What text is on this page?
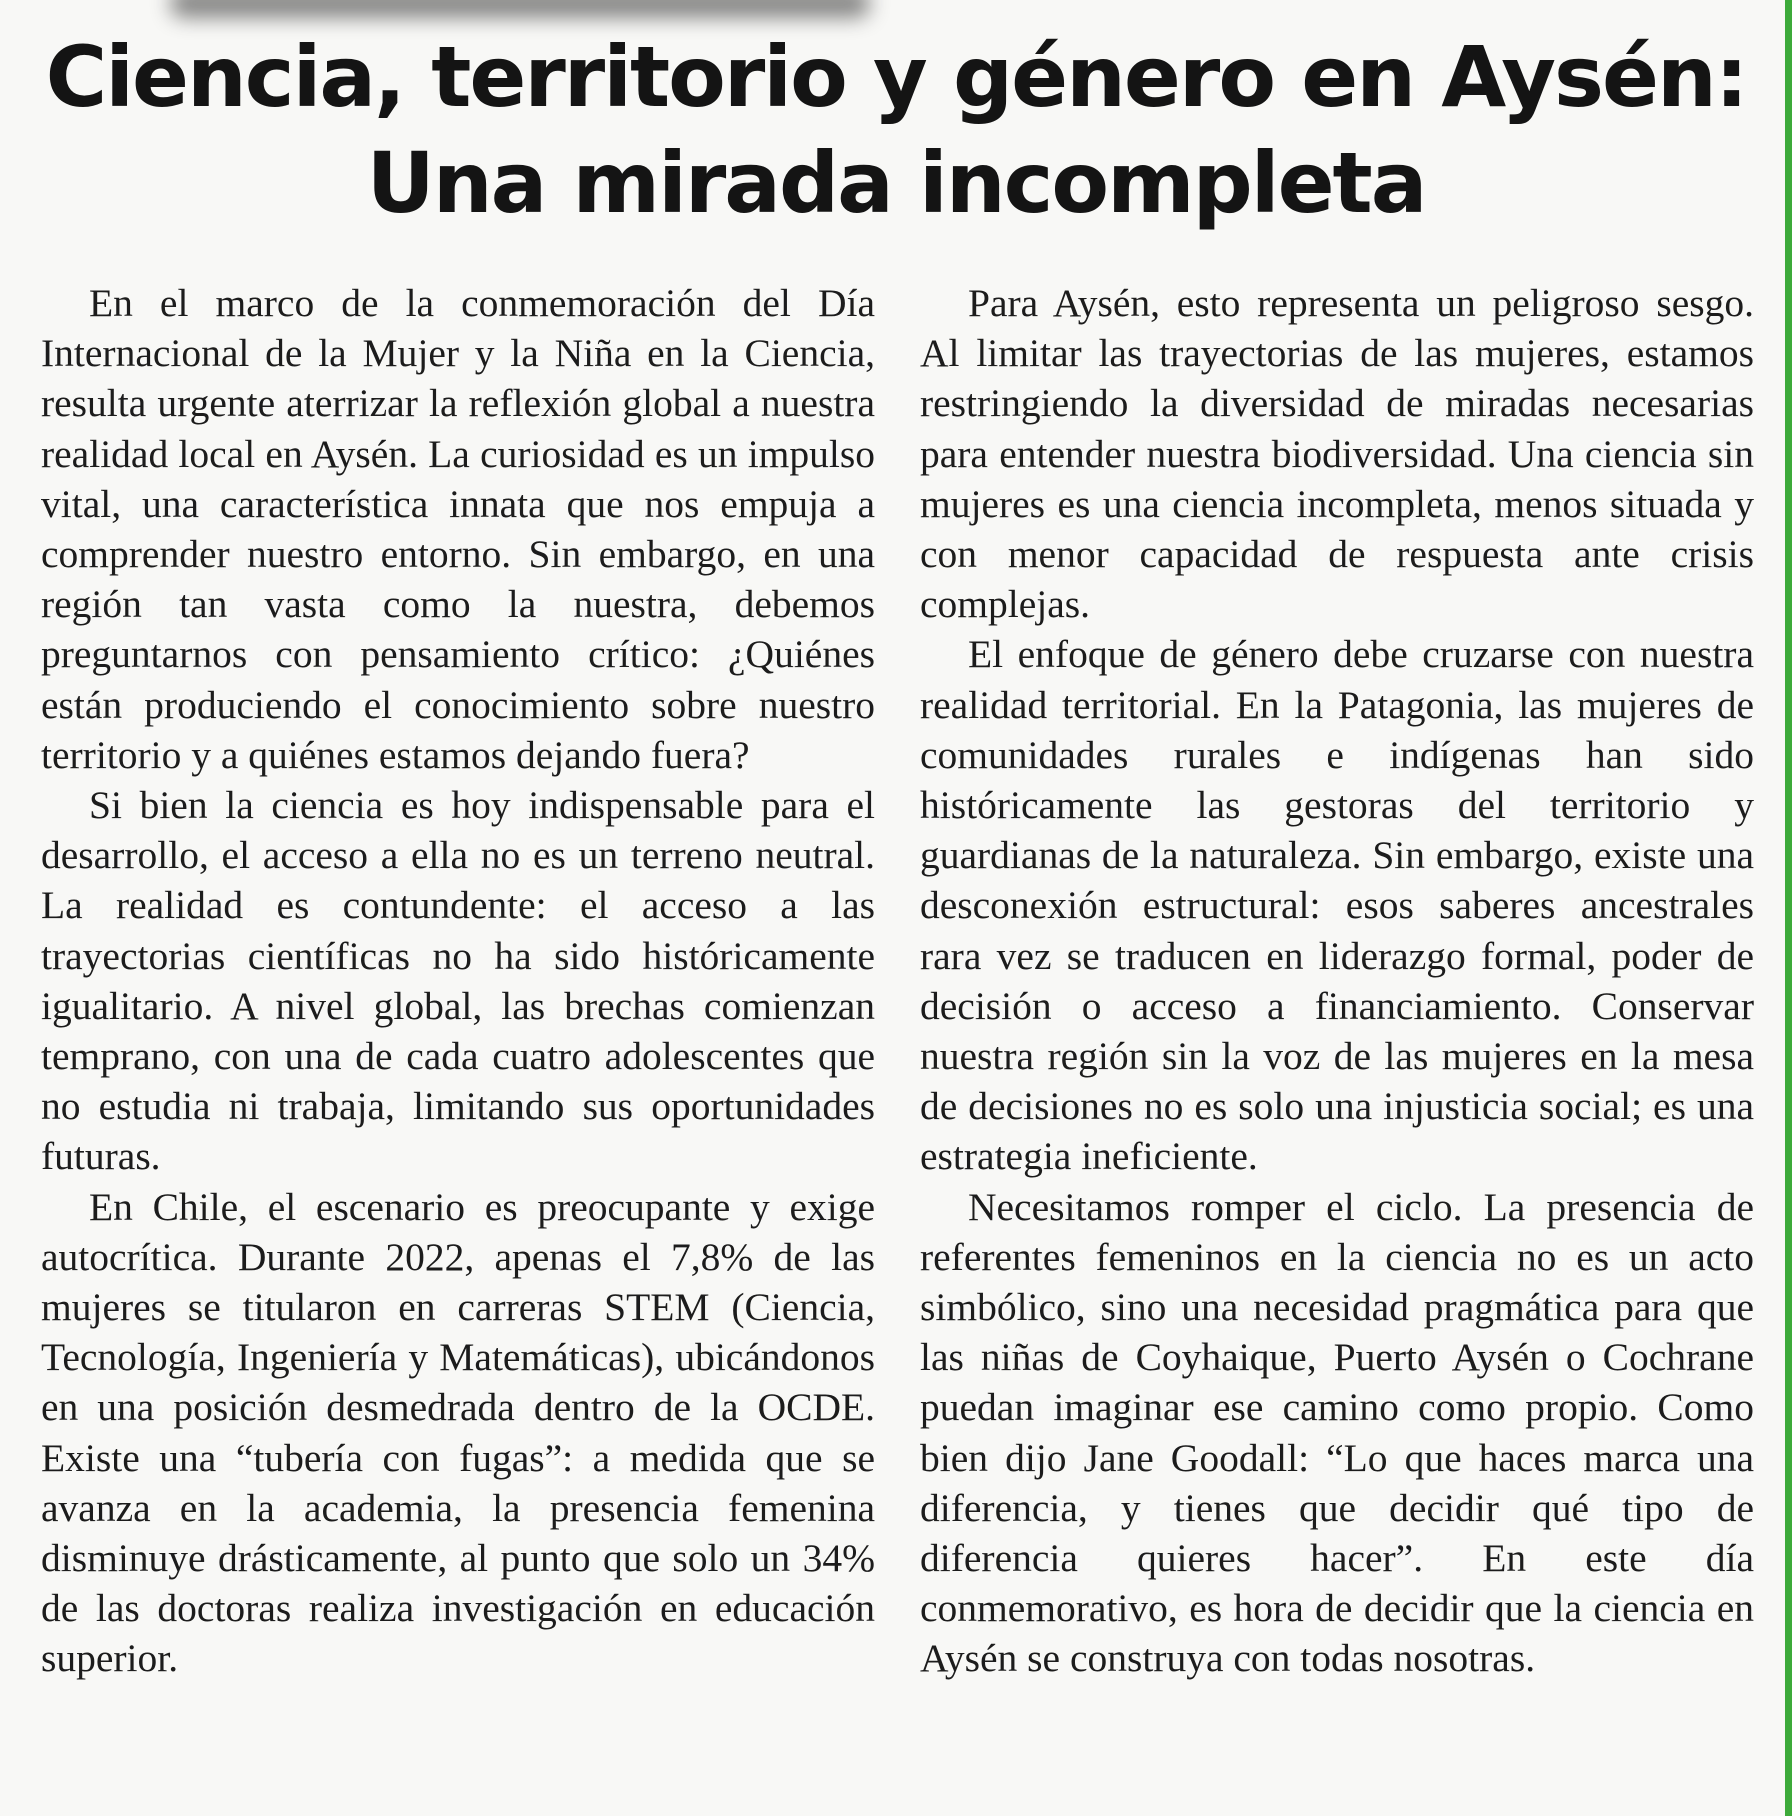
Ciencia, territorio y género en Aysén:
Una mirada incompleta

En el marco de la conmemoración del Día Internacional de la Mujer y la Niña en la Ciencia, resulta urgente aterrizar la reflexión global a nuestra realidad local en Aysén. La curiosidad es un impulso vital, una característica innata que nos empuja a comprender nuestro entorno. Sin embargo, en una región tan vasta como la nuestra, debemos preguntarnos con pensamiento crítico: ¿Quiénes están produciendo el conocimiento sobre nuestro territorio y a quiénes estamos dejando fuera?

Si bien la ciencia es hoy indispensable para el desarrollo, el acceso a ella no es un terreno neutral. La realidad es contundente: el acceso a las trayectorias científicas no ha sido históricamente igualitario. A nivel global, las brechas comienzan temprano, con una de cada cuatro adolescentes que no estudia ni trabaja, limitando sus oportunidades futuras.

En Chile, el escenario es preocupante y exige autocrítica. Durante 2022, apenas el 7,8% de las mujeres se titularon en carreras STEM (Ciencia, Tecnología, Ingeniería y Matemáticas), ubicándonos en una posición desmedrada dentro de la OCDE. Existe una “tubería con fugas”: a medida que se avanza en la academia, la presencia femenina disminuye drásticamente, al punto que solo un 34% de las doctoras realiza investigación en educación superior.

Para Aysén, esto representa un peligroso sesgo. Al limitar las trayectorias de las mujeres, estamos restringiendo la diversidad de miradas necesarias para entender nuestra biodiversidad. Una ciencia sin mujeres es una ciencia incompleta, menos situada y con menor capacidad de respuesta ante crisis complejas.

El enfoque de género debe cruzarse con nuestra realidad territorial. En la Patagonia, las mujeres de comunidades rurales e indígenas han sido históricamente las gestoras del territorio y guardianas de la naturaleza. Sin embargo, existe una desconexión estructural: esos saberes ancestrales rara vez se traducen en liderazgo formal, poder de decisión o acceso a financiamiento. Conservar nuestra región sin la voz de las mujeres en la mesa de decisiones no es solo una injusticia social; es una estrategia ineficiente.

Necesitamos romper el ciclo. La presencia de referentes femeninos en la ciencia no es un acto simbólico, sino una necesidad pragmática para que las niñas de Coyhaique, Puerto Aysén o Cochrane puedan imaginar ese camino como propio. Como bien dijo Jane Goodall: “Lo que haces marca una diferencia, y tienes que decidir qué tipo de diferencia quieres hacer”. En este día conmemorativo, es hora de decidir que la ciencia en Aysén se construya con todas nosotras.
